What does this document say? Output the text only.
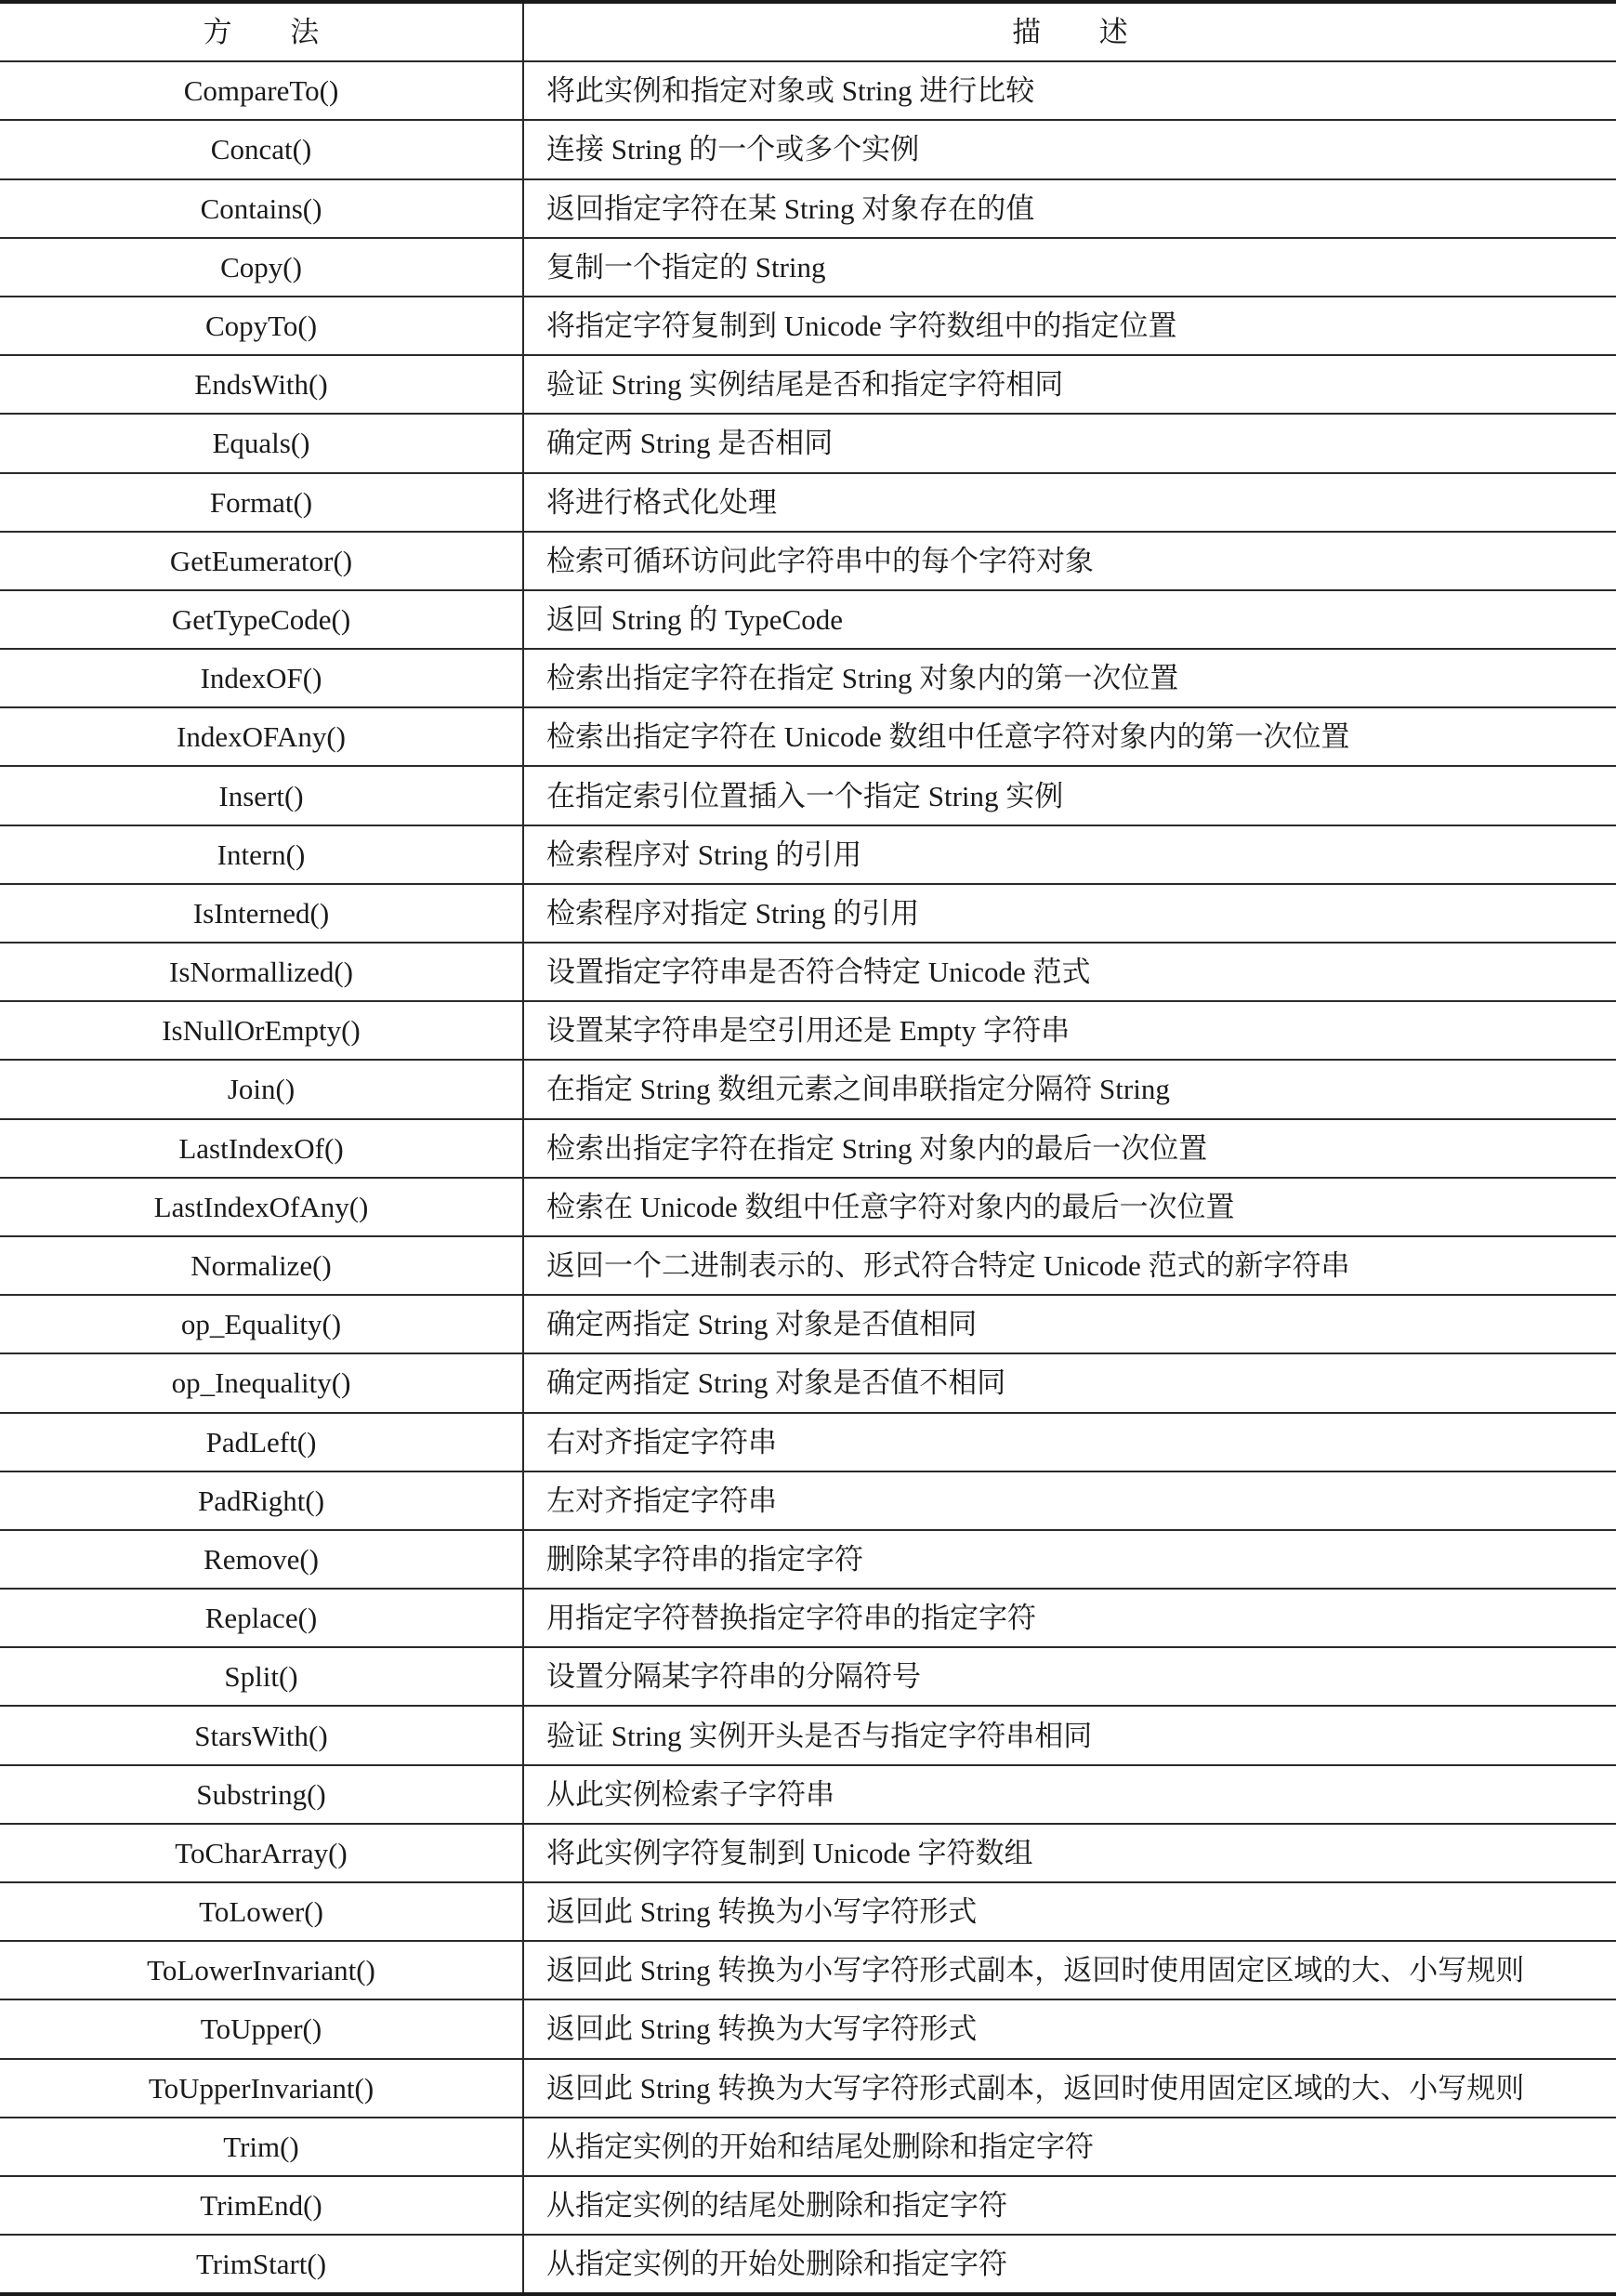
方　　法	描　　述
CompareTo()	将此实例和指定对象或 String 进行比较
Concat()	连接 String 的一个或多个实例
Contains()	返回指定字符在某 String 对象存在的值
Copy()	复制一个指定的 String
CopyTo()	将指定字符复制到 Unicode 字符数组中的指定位置
EndsWith()	验证 String 实例结尾是否和指定字符相同
Equals()	确定两 String 是否相同
Format()	将进行格式化处理
GetEumerator()	检索可循环访问此字符串中的每个字符对象
GetTypeCode()	返回 String 的 TypeCode
IndexOF()	检索出指定字符在指定 String 对象内的第一次位置
IndexOFAny()	检索出指定字符在 Unicode 数组中任意字符对象内的第一次位置
Insert()	在指定索引位置插入一个指定 String 实例
Intern()	检索程序对 String 的引用
IsInterned()	检索程序对指定 String 的引用
IsNormallized()	设置指定字符串是否符合特定 Unicode 范式
IsNullOrEmpty()	设置某字符串是空引用还是 Empty 字符串
Join()	在指定 String 数组元素之间串联指定分隔符 String
LastIndexOf()	检索出指定字符在指定 String 对象内的最后一次位置
LastIndexOfAny()	检索在 Unicode 数组中任意字符对象内的最后一次位置
Normalize()	返回一个二进制表示的、形式符合特定 Unicode 范式的新字符串
op_Equality()	确定两指定 String 对象是否值相同
op_Inequality()	确定两指定 String 对象是否值不相同
PadLeft()	右对齐指定字符串
PadRight()	左对齐指定字符串
Remove()	删除某字符串的指定字符
Replace()	用指定字符替换指定字符串的指定字符
Split()	设置分隔某字符串的分隔符号
StarsWith()	验证 String 实例开头是否与指定字符串相同
Substring()	从此实例检索子字符串
ToCharArray()	将此实例字符复制到 Unicode 字符数组
ToLower()	返回此 String 转换为小写字符形式
ToLowerInvariant()	返回此 String 转换为小写字符形式副本，返回时使用固定区域的大、小写规则
ToUpper()	返回此 String 转换为大写字符形式
ToUpperInvariant()	返回此 String 转换为大写字符形式副本，返回时使用固定区域的大、小写规则
Trim()	从指定实例的开始和结尾处删除和指定字符
TrimEnd()	从指定实例的结尾处删除和指定字符
TrimStart()	从指定实例的开始处删除和指定字符
